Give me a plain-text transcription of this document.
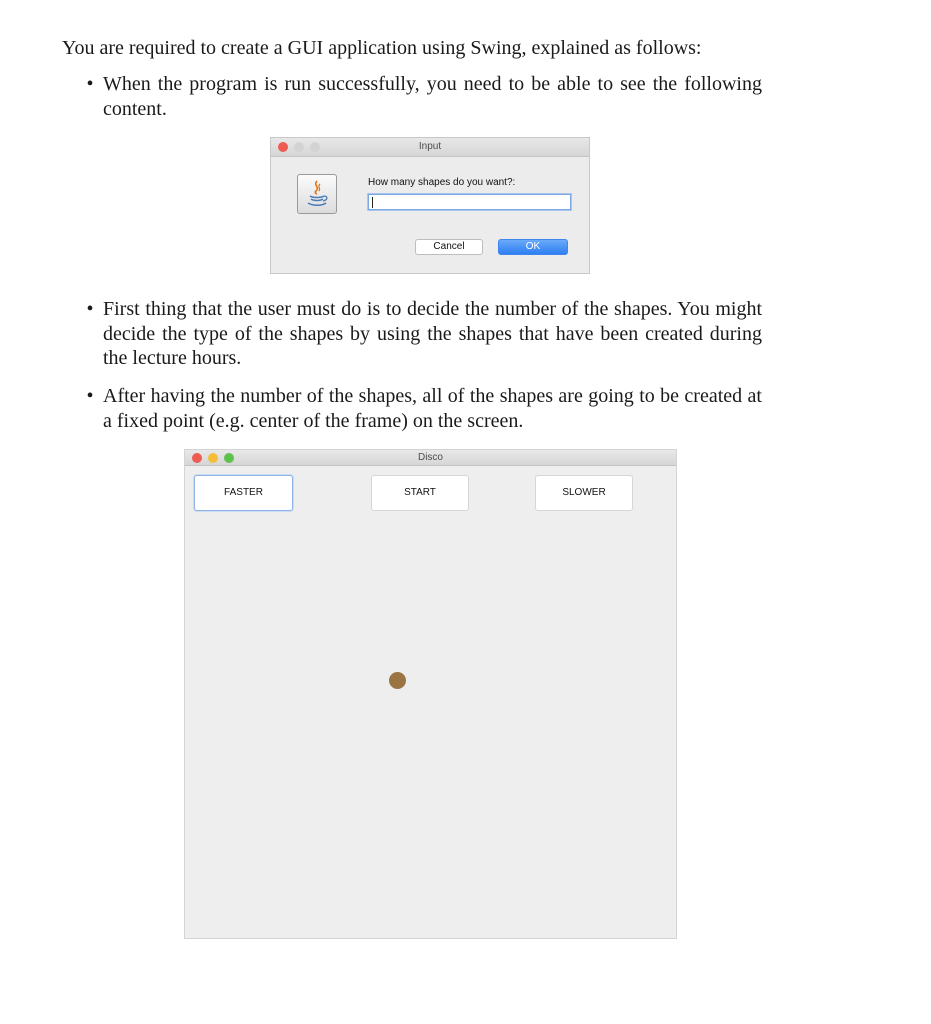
You are required to create a GUI application using Swing, explained as follows:

• When the program is run successfully, you need to be able to see the following content.
Input
How many shapes do you want?:
Cancel	OK
• First thing that the user must do is to decide the number of the shapes. You might decide the type of the shapes by using the shapes that have been created during the lecture hours.
• After having the number of the shapes, all of the shapes are going to be created at a fixed point (e.g. center of the frame) on the screen.
Disco
FASTER	START	SLOWER
